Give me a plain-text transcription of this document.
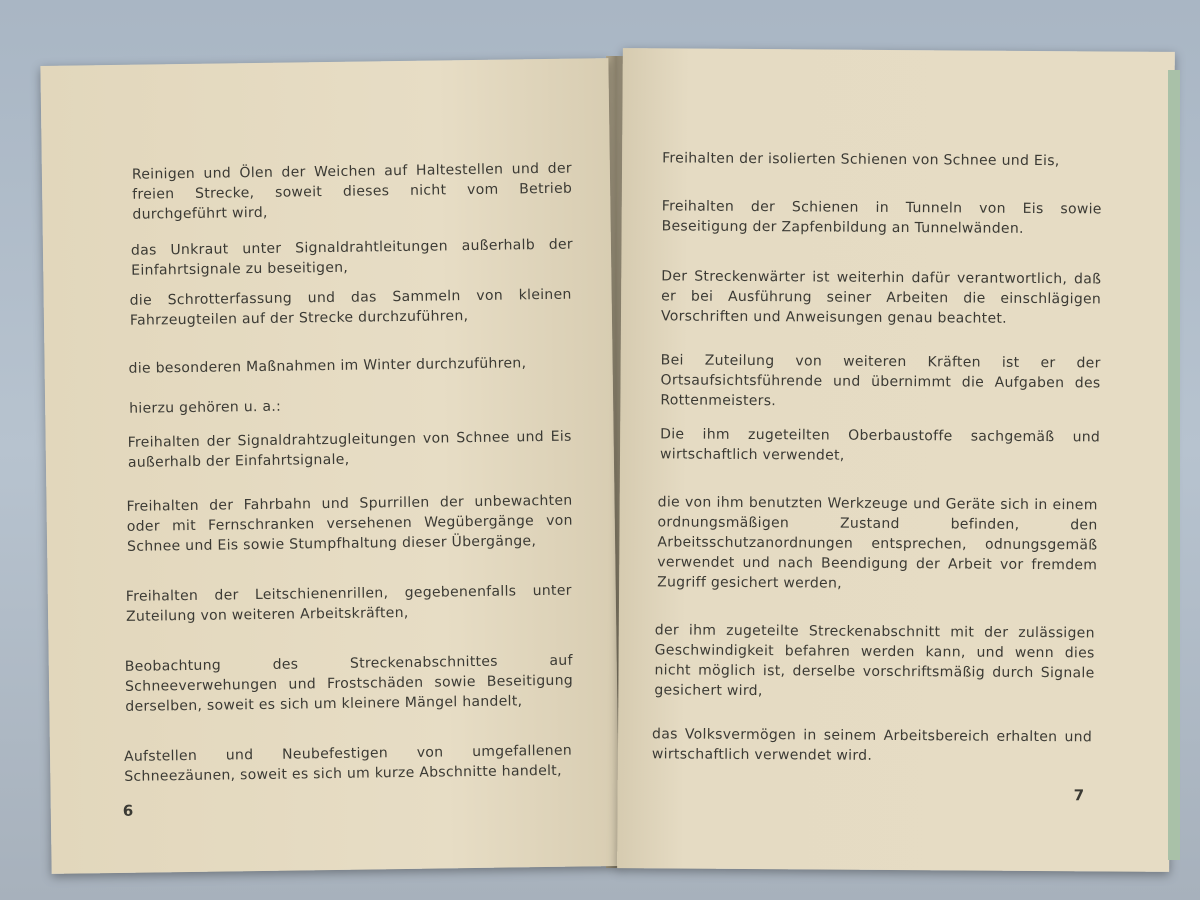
Reinigen und Ölen der Weichen auf Haltestellen und der freien Strecke, soweit dieses nicht vom Betrieb durchgeführt wird,

das Unkraut unter Signaldrahtleitungen außerhalb der Einfahrtsignale zu beseitigen,

die Schrotterfassung und das Sammeln von kleinen Fahrzeugteilen auf der Strecke durchzuführen,

die besonderen Maßnahmen im Winter durchzuführen,

hierzu gehören u. a.:

Freihalten der Signaldrahtzugleitungen von Schnee und Eis außerhalb der Einfahrtsignale,

Freihalten der Fahrbahn und Spurrillen der unbewachten oder mit Fernschranken versehenen Wegübergänge von Schnee und Eis sowie Stumpfhaltung dieser Übergänge,

Freihalten der Leitschienenrillen, gegebenenfalls unter Zuteilung von weiteren Arbeitskräften,

Beobachtung des Streckenabschnittes auf Schneeverwehungen und Frostschäden sowie Beseitigung derselben, soweit es sich um kleinere Mängel handelt,

Aufstellen und Neubefestigen von umgefallenen Schneezäunen, soweit es sich um kurze Abschnitte handelt,

6

Freihalten der isolierten Schienen von Schnee und Eis,

Freihalten der Schienen in Tunneln von Eis sowie Beseitigung der Zapfenbildung an Tunnelwänden.

Der Streckenwärter ist weiterhin dafür verantwortlich, daß er bei Ausführung seiner Arbeiten die einschlägigen Vorschriften und Anweisungen genau beachtet.

Bei Zuteilung von weiteren Kräften ist er der Ortsaufsichtsführende und übernimmt die Aufgaben des Rottenmeisters.

Die ihm zugeteilten Oberbaustoffe sachgemäß und wirtschaftlich verwendet,

die von ihm benutzten Werkzeuge und Geräte sich in einem ordnungsmäßigen Zustand befinden, den Arbeitsschutzanordnungen entsprechen, odnungsgemäß verwendet und nach Beendigung der Arbeit vor fremdem Zugriff gesichert werden,

der ihm zugeteilte Streckenabschnitt mit der zulässigen Geschwindigkeit befahren werden kann, und wenn dies nicht möglich ist, derselbe vorschriftsmäßig durch Signale gesichert wird,

das Volksvermögen in seinem Arbeitsbereich erhalten und wirtschaftlich verwendet wird.

7
